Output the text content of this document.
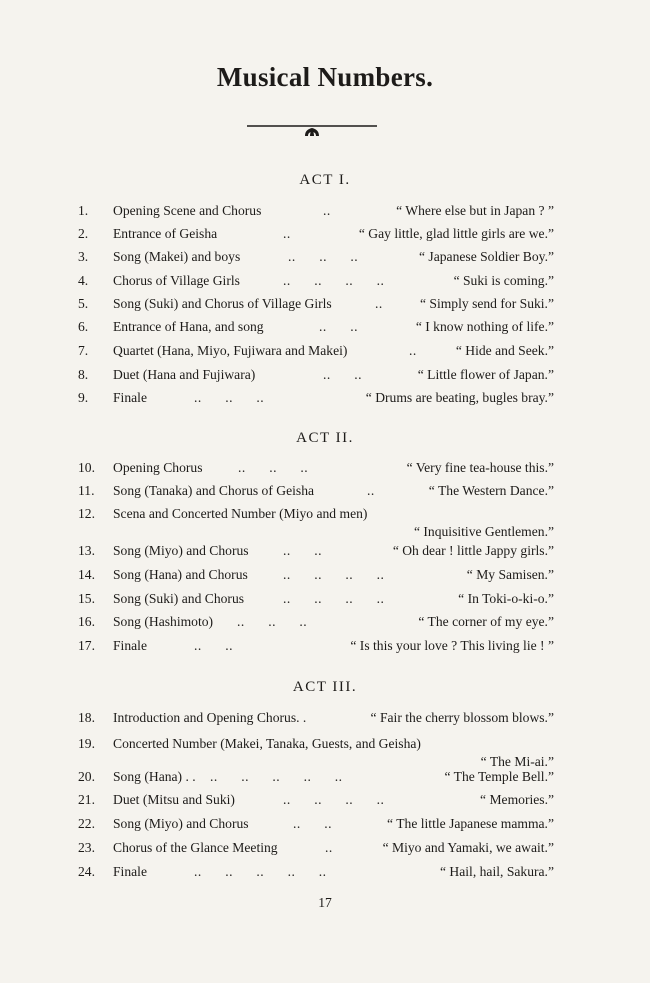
Musical Numbers.
ACT I.
1.	Opening Scene and Chorus	..	“ Where else but in Japan ? ”
2.	Entrance of Geisha	..	“ Gay little, glad little girls are we.”
3.	Song (Makei) and boys	..      ..      ..	“ Japanese Soldier Boy.”
4.	Chorus of Village Girls	..      ..      ..      ..	“ Suki is coming.”
5.	Song (Suki) and Chorus of Village Girls	..	“ Simply send for Suki.”
6.	Entrance of Hana, and song	..      ..	“ I know nothing of life.”
7.	Quartet (Hana, Miyo, Fujiwara and Makei)	..	“ Hide and Seek.”
8.	Duet (Hana and Fujiwara)	..      ..	“ Little flower of Japan.”
9.	Finale	..      ..      ..	“ Drums are beating, bugles bray.”
ACT II.
10.	Opening Chorus	..      ..      ..	“ Very fine tea-house this.”
11.	Song (Tanaka) and Chorus of Geisha	..	“ The Western Dance.”
12.	Scena and Concerted Number (Miyo and men)
“ Inquisitive Gentlemen.”
13.	Song (Miyo) and Chorus	..      ..	“ Oh dear ! little Jappy girls.”
14.	Song (Hana) and Chorus	..      ..      ..      ..	“ My Samisen.”
15.	Song (Suki) and Chorus	..      ..      ..      ..	“ In Toki-o-ki-o.”
16.	Song (Hashimoto) ..      ..      ..	“ The corner of my eye.”
17.	Finale	..      ..	“ Is this your love ? This living lie ! ”
ACT III.
18.	Introduction and Opening Chorus. .	“ Fair the cherry blossom blows.”
19.	Concerted Number (Makei, Tanaka, Guests, and Geisha)
“ The Mi-ai.”
20.	Song (Hana) . . ..      ..      ..      ..      ..	“ The Temple Bell.”
21.	Duet (Mitsu and Suki)	..      ..      ..      ..	“ Memories.”
22.	Song (Miyo) and Chorus	..      ..	“ The little Japanese mamma.”
23.	Chorus of the Glance Meeting	..	“ Miyo and Yamaki, we await.”
24.	Finale	..      ..      ..      ..      ..	“ Hail, hail, Sakura.”
17
